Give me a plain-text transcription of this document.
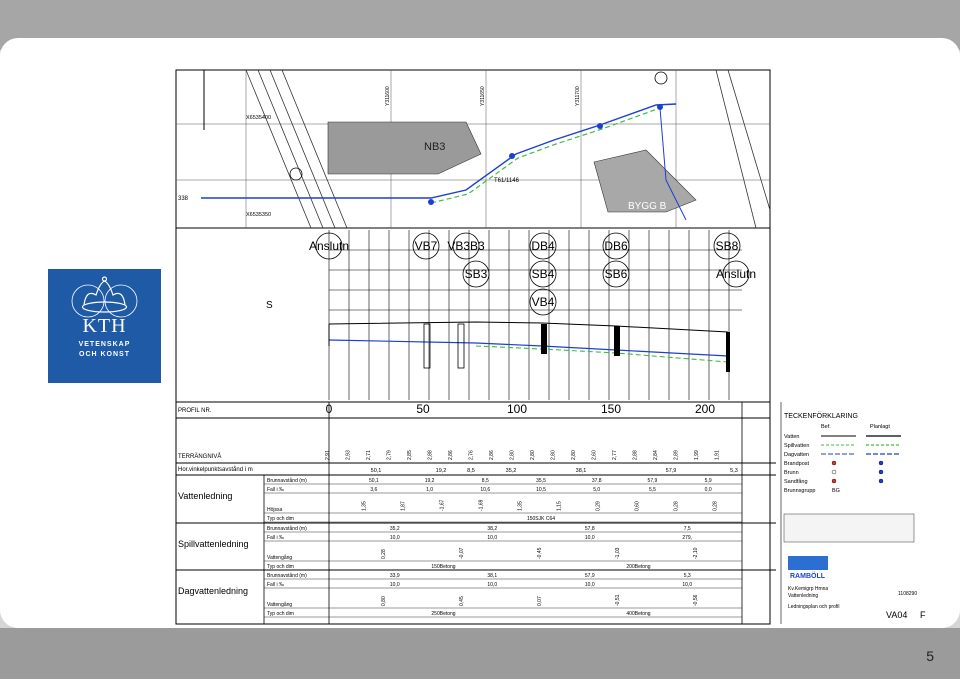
5
KTH
VETENSKAP
OCH KONST
NB3
BYGG B
X6535400
X6535350
338
Y311600	Y311650	Y311700
T61/1146
S
Anslutn	VB7 VB3B3	DB4	DB6	SB8
SB3	SB4	SB6	Anslutn
VB4
0	50	100	150	200
PROFIL NR.
TERRÄNGNIVÅ
Hor.vinkelpunktsavstånd i m
2,91	2,93	2,71	2,79	2,85	2,88	2,86	2,76	2,86	2,80	2,80	2,80	2,80	2,60	2,77	2,88	2,84	2,89	1,99	1,91
50,1	19,2	8,5	35,2	38,1	57,9	5,3
Vattenledning
Brunnavstånd (m)	50,1	19,2	8,5	35,5	37,8	57,9	5,9
Fall i ‰	3,6	1,0	10,6	10,5	5,0	5,5	0,0
Höjssa	1,35	1,87	-1,67	-1,69	1,35	1,15	0,29	0,60	0,28	0,28
Typ och dim	150SJK C64
Spillvattenledning
Brunnavstånd (m)	35,2	38,2	57,8	7,5
Fall i ‰	10,0	10,0	10,0	279,
Vattengång	0,28	-0,07	-0,45	-1,03	-2,10
Typ och dim	150Betong	200Betong
Dagvattenledning
Brunnavstånd (m)	33,9	38,1	57,9	5,3
Fall i ‰	10,0	10,0	10,0	10,0
Vattengång	0,80	0,45	0,07	-0,51	-0,56
Typ och dim	250Betong	400Betong
TECKENFÖRKLARING
Bef.	Planlagt
Vatten
Spillvatten
Dagvatten
Brandpost
Brunn
Sandfång
Brunnsgrupp	BG
RAMBÖLL
Kv.Kemigrp Hmna
Vattenledning
Ledningsplan och profil
1108290
VA04 F
